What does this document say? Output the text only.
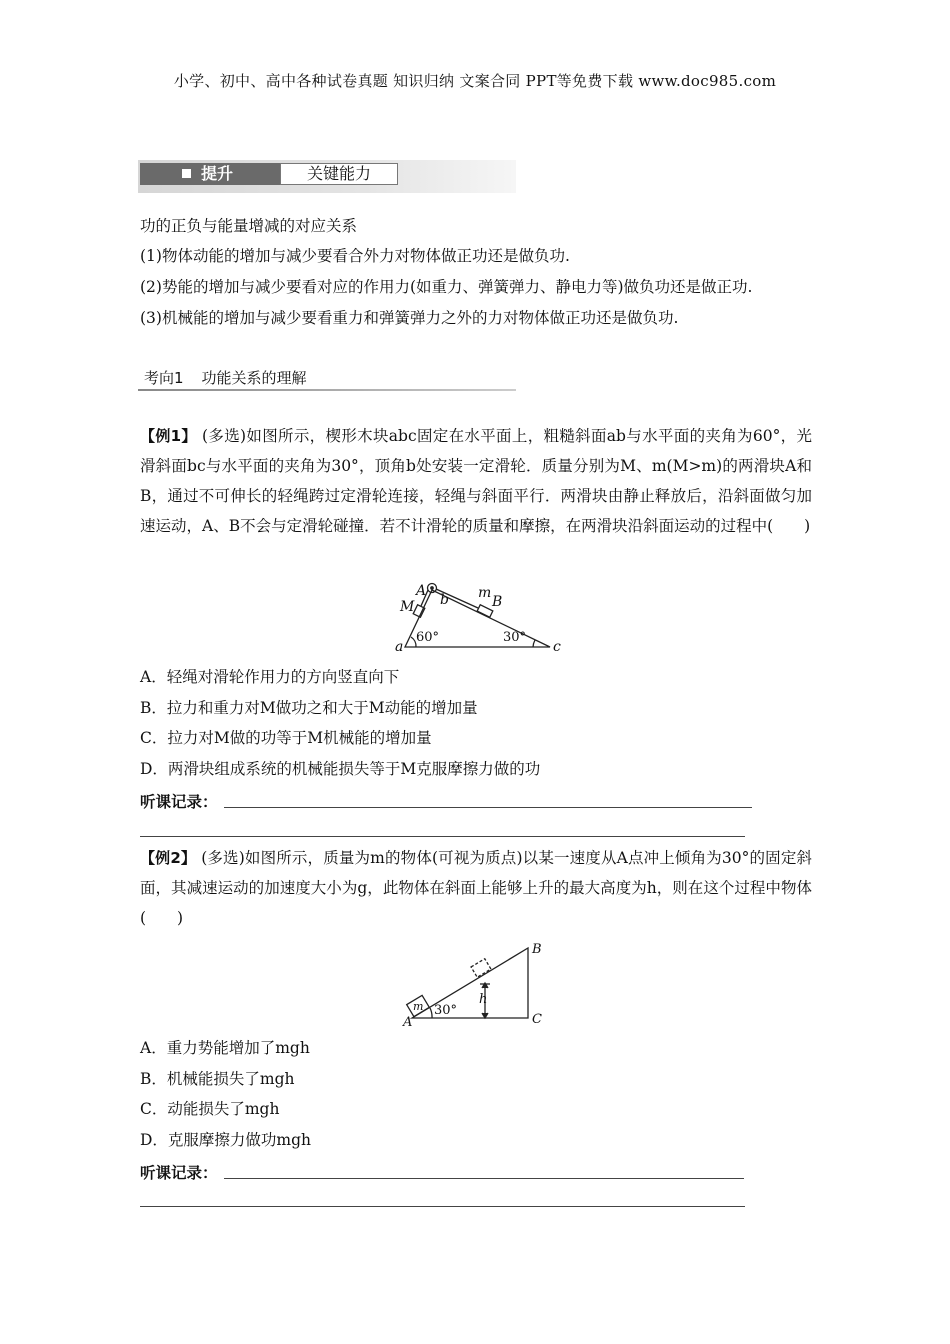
小学、初中、高中各种试卷真题 知识归纳 文案合同 PPT等免费下载 www.doc985.com
提升	关键能力
功的正负与能量增减的对应关系
(1)物体动能的增加与减少要看合外力对物体做正功还是做负功.
(2)势能的增加与减少要看对应的作用力(如重力、弹簧弹力、静电力等)做负功还是做正功.
(3)机械能的增加与减少要看重力和弹簧弹力之外的力对物体做正功还是做负功.
考向1 功能关系的理解
【例1】 (多选)如图所示，楔形木块abc固定在水平面上，粗糙斜面ab与水平面的夹角为60°，光滑斜面bc与水平面的夹角为30°，顶角b处安装一定滑轮．质量分别为M、m(M>m)的两滑块A和B，通过不可伸长的轻绳跨过定滑轮连接，轻绳与斜面平行．两滑块由静止释放后，沿斜面做匀加速运动，A、B不会与定滑轮碰撞．若不计滑轮的质量和摩擦，在两滑块沿斜面运动的过程中(　　)
a
b
c
A
M
m
B
60°	30°
A．轻绳对滑轮作用力的方向竖直向下
B．拉力和重力对M做功之和大于M动能的增加量
C．拉力对M做的功等于M机械能的增加量
D．两滑块组成系统的机械能损失等于M克服摩擦力做的功
听课记录：
【例2】 (多选)如图所示，质量为m的物体(可视为质点)以某一速度从A点冲上倾角为30°的固定斜面，其减速运动的加速度大小为g，此物体在斜面上能够上升的最大高度为h，则在这个过程中物体(　　)
A
B
C
m	h
30°
A．重力势能增加了mgh
B．机械能损失了mgh
C．动能损失了mgh
D．克服摩擦力做功mgh
听课记录：
